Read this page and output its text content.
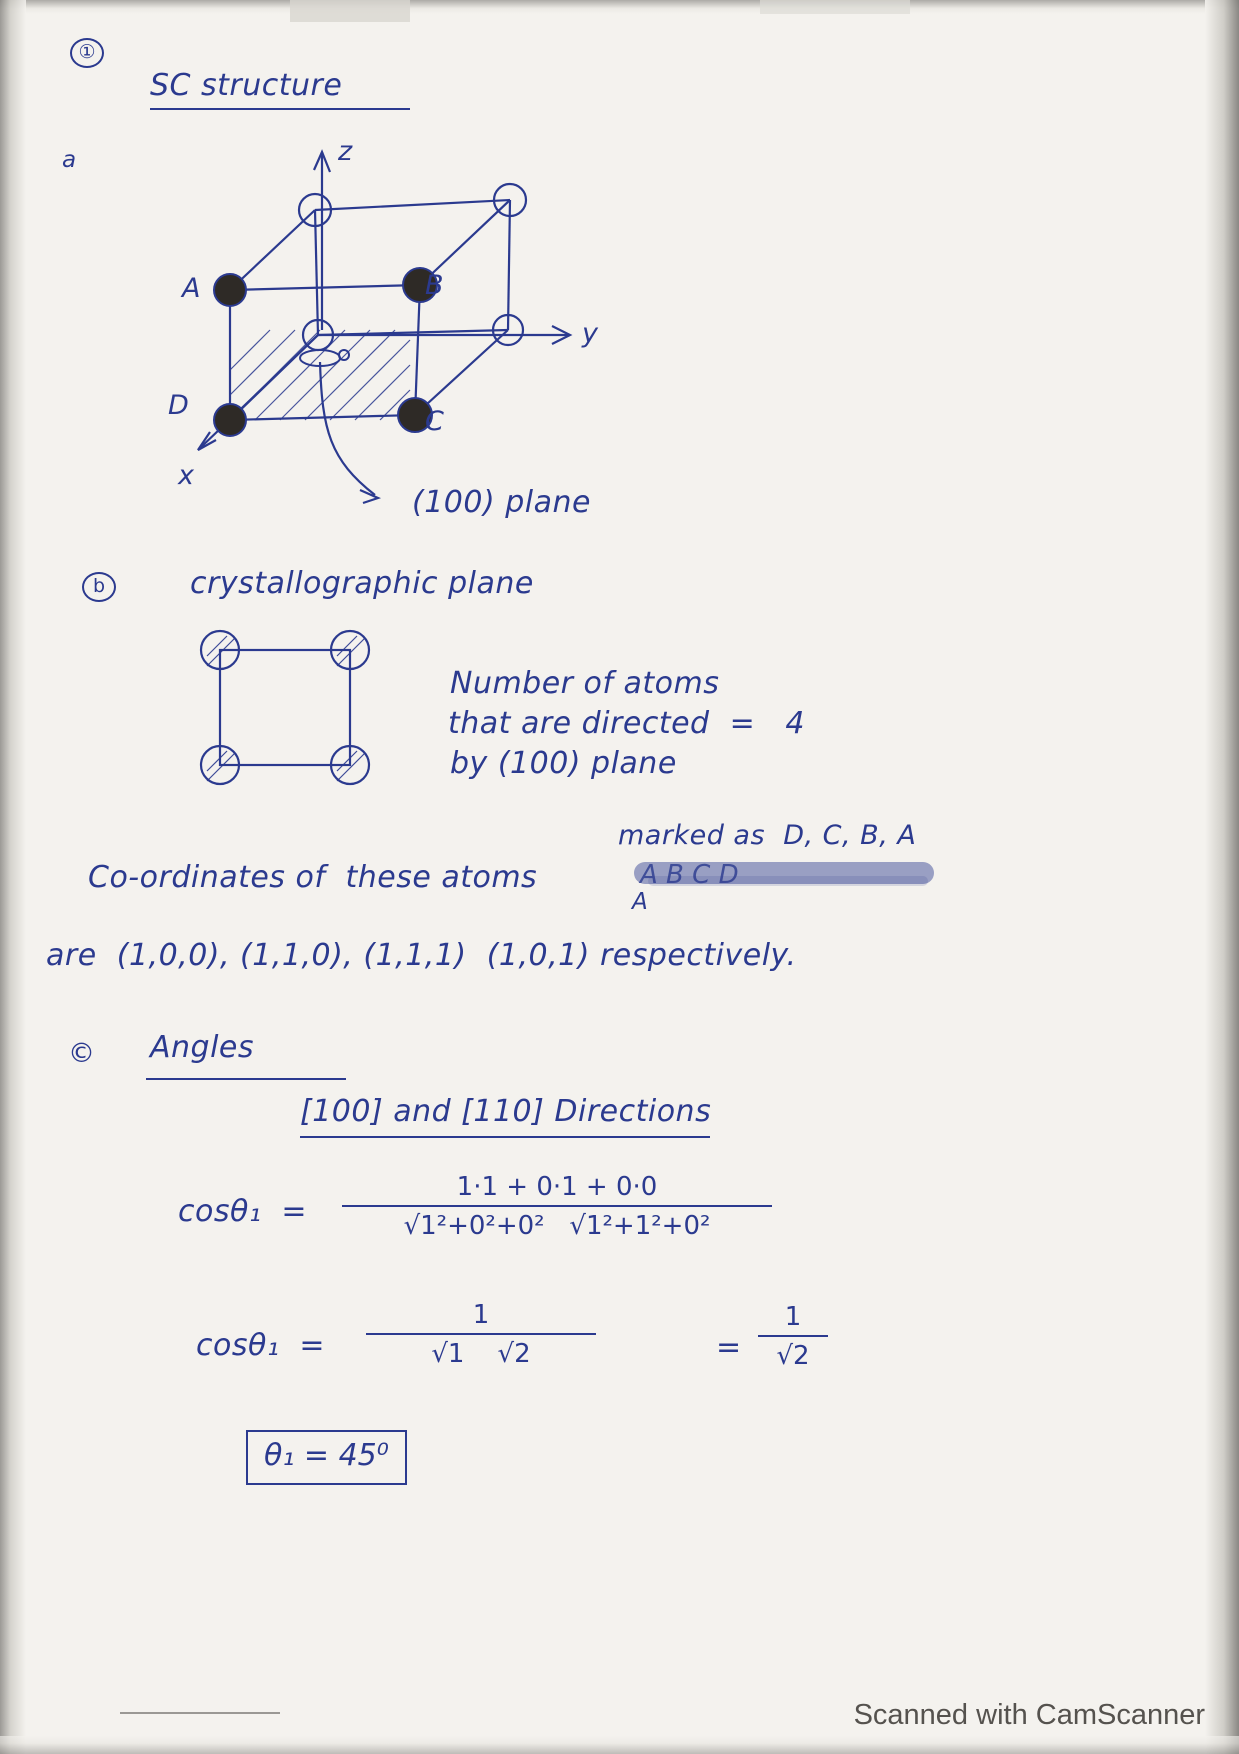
①
SC structure
a
A	B
D
C
z
y
x
(100) plane
b	crystallographic plane
Number of atoms
that are directed  =   4
by (100) plane
marked as  D, C, B, A
Co-ordinates of  these atoms	A B C D
A
are  (1,0,0), (1,1,0), (1,1,1)  (1,0,1) respectively.
© Angles
[100] and [110] Directions
cosθ₁  =
1·1 + 0·1 + 0·0
√1²+0²+0²   √1²+1²+0²
cosθ₁  =
1
√1    √2	=
1
√2
θ₁ = 45⁰
Scanned with CamScanner
